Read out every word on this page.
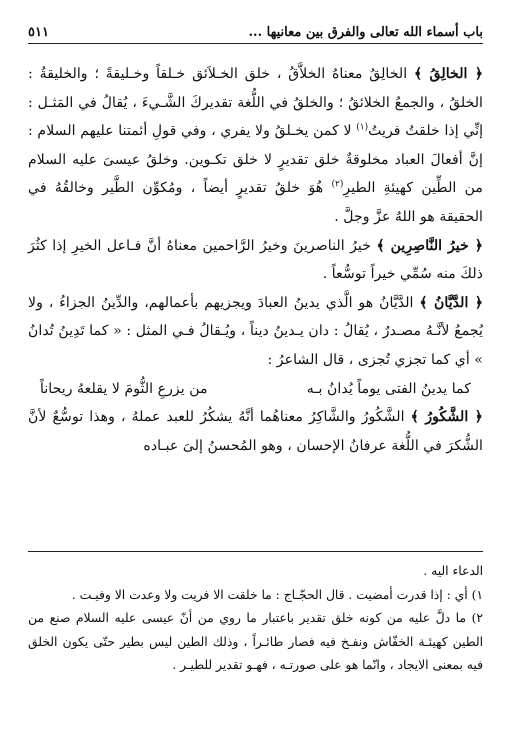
باب أسماء الله تعالى والفرق بين معانيها ...
٥١١

﴿ الخالِقُ ﴾ الخالِقُ معناهُ الخلاَّقُ ، خلق الخـلاَئق خـلقاً وخـليقةً ؛ والخليقةُ : الخلقُ ، والجمعُ الخلائقُ ؛ والخلقُ في اللُّغة تقديركَ الشَّـيءَ ، يُقالُ في المَثـل : إنِّي إذا خلقتُ فريتُ$^{(١)}$ لا كمن يخـلقُ ولا يفري ، وفي قولِ أئمتنا عليهم السلام : إنَّ أفعالَ العباد مخلوقةٌ خلق تقديرٍ لا خلق تكـوين. وخلقُ عيسىَ عليه السلام من الطِّين كهيئةِ الطيرِ$^{(٢)}$ هُوَ خلقُ تقديرٍ أيضاً ، ومُكوِّن الطَّير وخالقُهُ في الحقيقة هو اللهُ عزَّ وجلَّ .

﴿ خيرُ النَّاصِرِين ﴾ خيرُ الناصرينَ وخيرُ الرَّاحمين معناهُ أنَّ فـاعل الخيرِ إذا كثُرَ ذلكَ منه سُمِّي خيراً توسُّعاً .

﴿ الدَّيَّانُ ﴾ الدَّيَّانُ هو الَّذي يدينُ العبادَ ويجزيهم بأعمالهم، والدِّينُ الجزاءُ ، ولا يُجمعُ لأنَّـهُ مصـدرٌ ، يُقالُ : دان يـدينُ ديناً ، ويُـقالُ فـي المثل : « كما تَدِينُ تُدانُ » أي كما تجزي تُجزى ، قال الشاعرُ :

كما يدينُ الفتى يوماً يُدانُ بـه
من يزرعِ الثُّومَ لا يقلعهُ ريحاناً

﴿ الشَّكُورُ ﴾ الشَّكُورُ والشَّاكِرُ معناهُما أنَّهُ يشكُرُ للعبد عملهُ ، وهذا توسُّعٌ لأنَّ الشُّكرَ في اللُّغة عرفانُ الإحسان ، وهو المُحسنُ إلىَ عبـاده

الدعاء اليه .

١) أي : إذا قدرت أمضيت . قال الحجّـاج : ما خلقت الا فريت ولا وعدت الا وفيـت .

٢) ما دلَّ عليه من كونه خلق تقدير باعتبار ما روي من أنّ عيسى عليه السلام صنع من الطين كهيئـة الخفّاش ونفـخ فيه فصار طائـراً ، وذلك الطين ليس بطير حتّى يكون الخلق فيه بمعنى الايجاد ، وانّما هو على صورتـه ، فهـو تقدير للطيـر .
